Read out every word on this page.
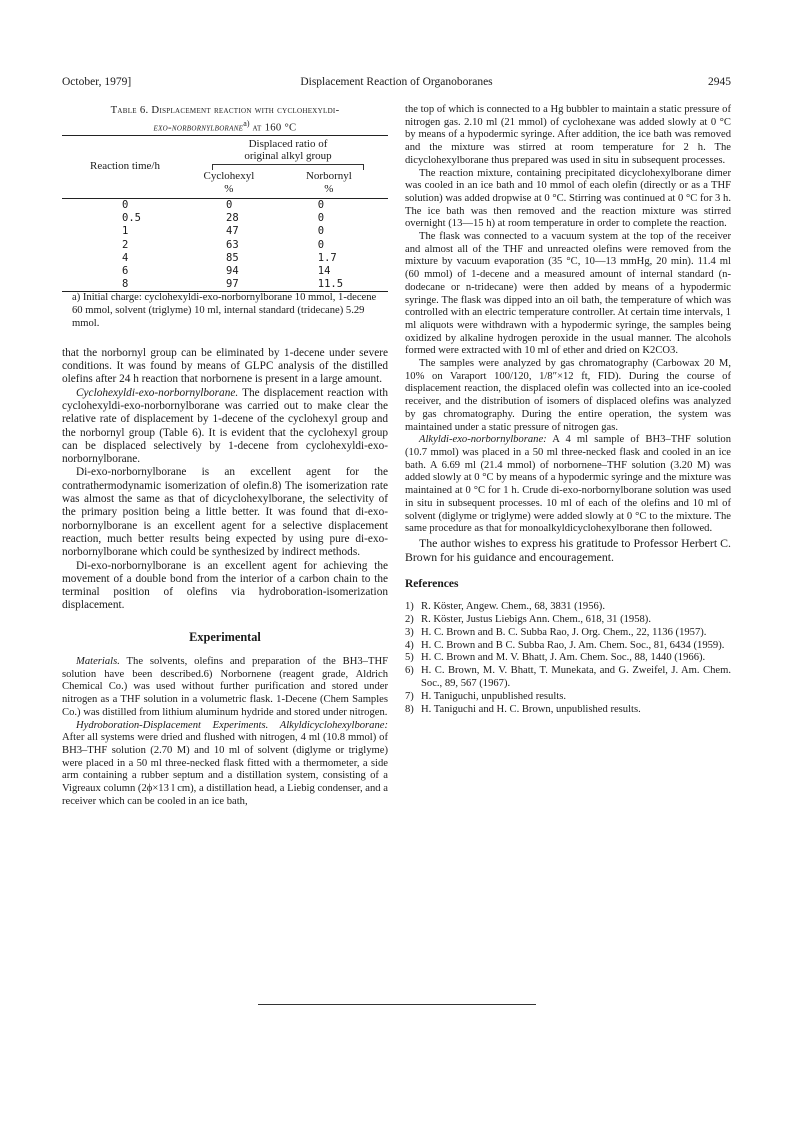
October, 1979]	Displacement Reaction of Organoboranes	2945

Table 6. Displacement reaction with cyclohexyldi-
exo-norbornylborane$^{a)}$ at 160 °C

Reaction time/h	Displaced ratio of
original alkyl group	

	Cyclohexyl	Norbornyl
	%	%
0	0	0
0.5	28	0
1	47	0
2	63	0
4	85	1.7
6	94	14
8	97	11.5

a) Initial charge: cyclohexyldi-exo-norbornylborane 10 mmol, 1-decene 60 mmol, solvent (triglyme) 10 ml, internal standard (tridecane) 5.29 mmol.

that the norbornyl group can be eliminated by 1-decene under severe conditions. It was found by means of GLPC analysis of the distilled olefins after 24 h reaction that norbornene is present in a large amount.

Cyclohexyldi-exo-norbornylborane. The displacement reaction with cyclohexyldi-exo-norbornylborane was carried out to make clear the relative rate of displacement by 1-decene of the cyclohexyl group and the norbornyl group (Table 6). It is evident that the cyclohexyl group can be displaced selectively by 1-decene from cyclohexyldi-exo-norbornylborane.

Di-exo-norbornylborane is an excellent agent for the contrathermodynamic isomerization of olefin.8) The isomerization rate was almost the same as that of dicyclohexylborane, the selectivity of the primary position being a little better. It was found that di-exo-norbornylborane is an excellent agent for a selective displacement reaction, much better results being expected by using pure di-exo-norbornylborane which could be synthesized by indirect methods.

Di-exo-norbornylborane is an excellent agent for achieving the movement of a double bond from the interior of a carbon chain to the terminal position of olefins via hydroboration-isomerization displacement.

Experimental

Materials. The solvents, olefins and preparation of the BH3–THF solution have been described.6) Norbornene (reagent grade, Aldrich Chemical Co.) was used without further purification and stored under nitrogen as a THF solution in a volumetric flask. 1-Decene (Chem Samples Co.) was distilled from lithium aluminum hydride and stored under nitrogen.

Hydroboration-Displacement Experiments. Alkyldicyclohexylborane: After all systems were dried and flushed with nitrogen, 4 ml (10.8 mmol) of BH3–THF solution (2.70 M) and 10 ml of solvent (diglyme or triglyme) were placed in a 50 ml three-necked flask fitted with a thermometer, a side arm containing a rubber septum and a distillation system, consisting of a Vigreaux column (2ϕ×13 l cm), a distillation head, a Liebig condenser, and a receiver which can be cooled in an ice bath,

the top of which is connected to a Hg bubbler to maintain a static pressure of nitrogen gas. 2.10 ml (21 mmol) of cyclohexane was added slowly at 0 °C by means of a hypodermic syringe. After addition, the ice bath was removed and the mixture was stirred at room temperature for 2 h. The dicyclohexylborane thus prepared was used in situ in subsequent processes.

The reaction mixture, containing precipitated dicyclohexylborane dimer was cooled in an ice bath and 10 mmol of each olefin (directly or as a THF solution) was added dropwise at 0 °C. Stirring was continued at 0 °C for 3 h. The ice bath was then removed and the reaction mixture was stirred overnight (13—15 h) at room temperature in order to complete the reaction.

The flask was connected to a vacuum system at the top of the receiver and almost all of the THF and unreacted olefins were removed from the mixture by vacuum evaporation (35 °C, 10—13 mmHg, 20 min). 11.4 ml (60 mmol) of 1-decene and a measured amount of internal standard (n-dodecane or n-tridecane) were then added by means of a hypodermic syringe. The flask was dipped into an oil bath, the temperature of which was controlled with an electric temperature controller. At certain time intervals, 1 ml aliquots were withdrawn with a hypodermic syringe, the samples being oxidized by alkaline hydrogen peroxide in the usual manner. The alcohols formed were extracted with 10 ml of ether and dried on K2CO3.

The samples were analyzed by gas chromatography (Carbowax 20 M, 10% on Varaport 100/120, 1/8″×12 ft, FID). During the course of displacement reaction, the displaced olefin was collected into an ice-cooled receiver, and the distribution of isomers of displaced olefins was analyzed by gas chromatography. During the entire operation, the system was maintained under a static pressure of nitrogen gas.

Alkyldi-exo-norbornylborane: A 4 ml sample of BH3–THF solution (10.7 mmol) was placed in a 50 ml three-necked flask and cooled in an ice bath. A 6.69 ml (21.4 mmol) of norbornene–THF solution (3.20 M) was added slowly at 0 °C by means of a hypodermic syringe and the mixture was maintained at 0 °C for 1 h. Crude di-exo-norbornylborane solution was used in situ in subsequent processes. 10 ml of each of the olefins and 10 ml of solvent (diglyme or triglyme) were added slowly at 0 °C to the mixture. The same procedure as that for monoalkyldicyclohexylborane then followed.

The author wishes to express his gratitude to Professor Herbert C. Brown for his guidance and encouragement.

References

1) R. Köster, Angew. Chem., 68, 3831 (1956).

2) R. Köster, Justus Liebigs Ann. Chem., 618, 31 (1958).

3) H. C. Brown and B. C. Subba Rao, J. Org. Chem., 22, 1136 (1957).

4) H. C. Brown and B C. Subba Rao, J. Am. Chem. Soc., 81, 6434 (1959).

5) H. C. Brown and M. V. Bhatt, J. Am. Chem. Soc., 88, 1440 (1966).

6) H. C. Brown, M. V. Bhatt, T. Munekata, and G. Zweifel, J. Am. Chem. Soc., 89, 567 (1967).

7) H. Taniguchi, unpublished results.

8) H. Taniguchi and H. C. Brown, unpublished results.
